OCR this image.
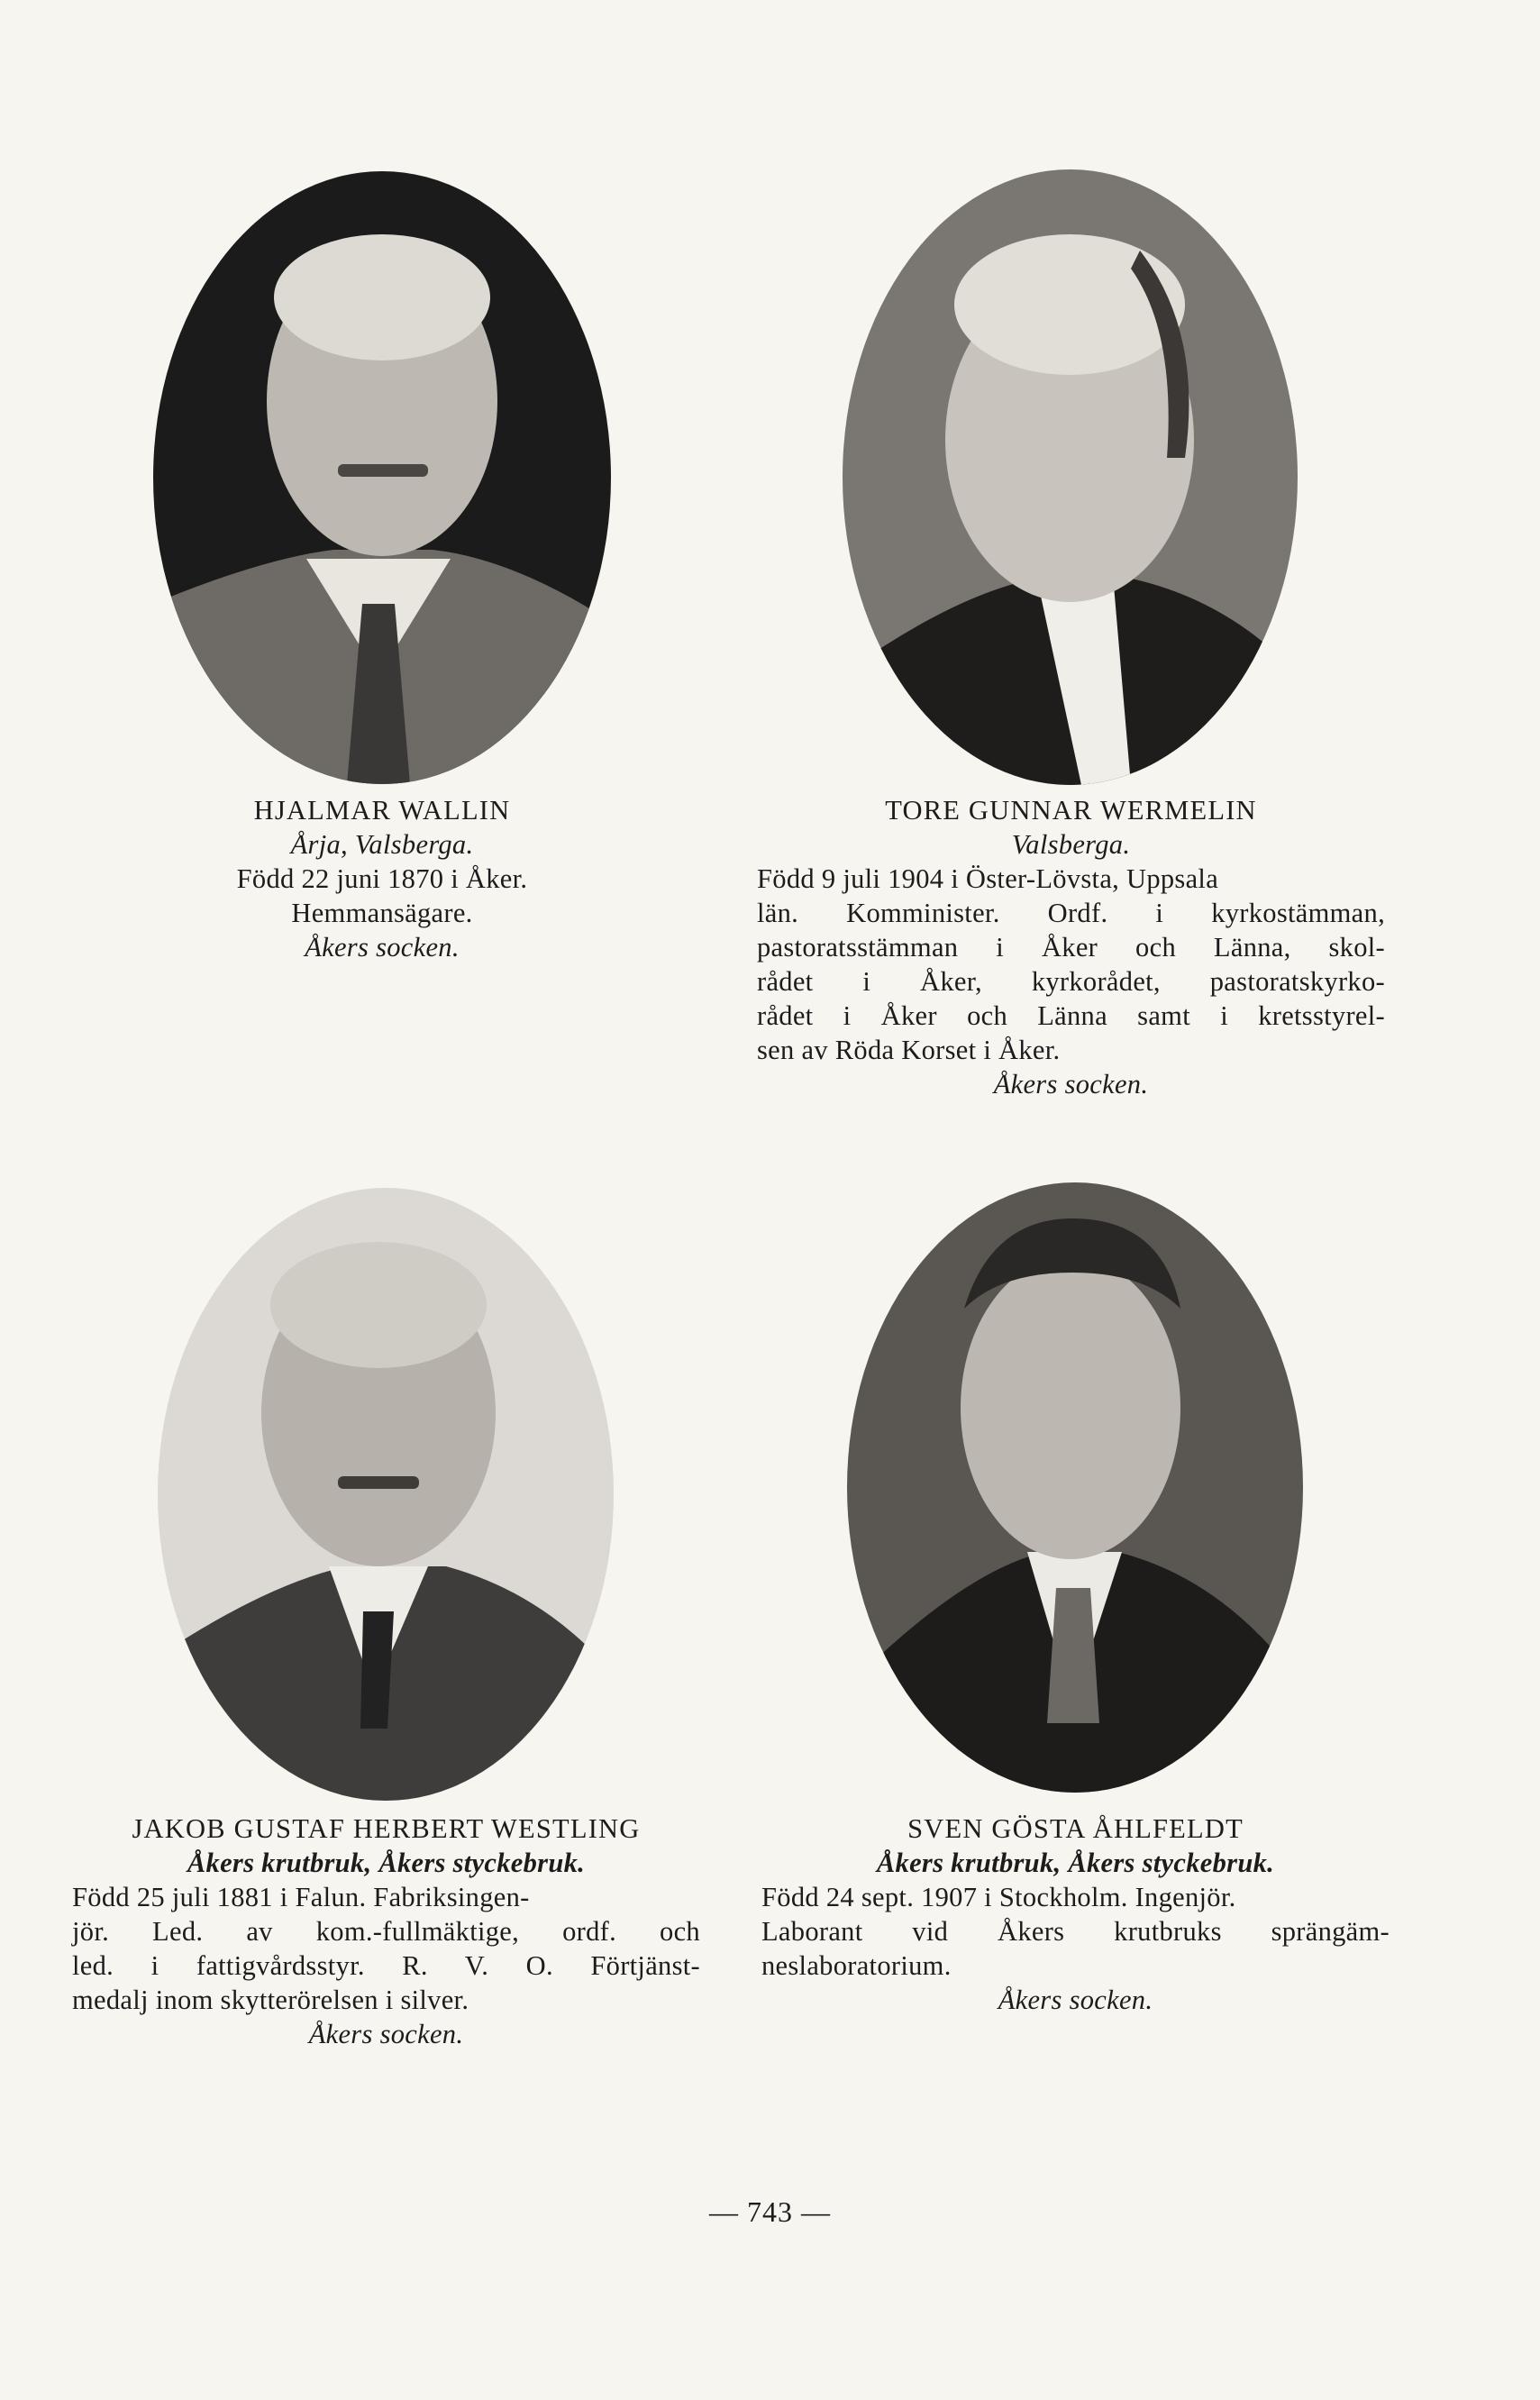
HJALMAR WALLIN
Årja, Valsberga.
Född 22 juni 1870 i Åker.
Hemmansägare.
Åkers socken.
TORE GUNNAR WERMELIN
Valsberga.
Född 9 juli 1904 i Öster-Lövsta, Uppsala
län. Komminister. Ordf. i kyrkostämman,
pastoratsstämman i Åker och Länna, skol-
rådet i Åker, kyrkorådet, pastoratskyrko-
rådet i Åker och Länna samt i kretsstyrel-
sen av Röda Korset i Åker.
Åkers socken.
JAKOB GUSTAF HERBERT WESTLING
Åkers krutbruk, Åkers styckebruk.
Född 25 juli 1881 i Falun. Fabriksingen-
jör. Led. av kom.-fullmäktige, ordf. och
led. i fattigvårdsstyr. R. V. O. Förtjänst-
medalj inom skytterörelsen i silver.
Åkers socken.
SVEN GÖSTA ÅHLFELDT
Åkers krutbruk, Åkers styckebruk.
Född 24 sept. 1907 i Stockholm. Ingenjör.
Laborant vid Åkers krutbruks sprängäm-
neslaboratorium.
Åkers socken.
— 743 —
